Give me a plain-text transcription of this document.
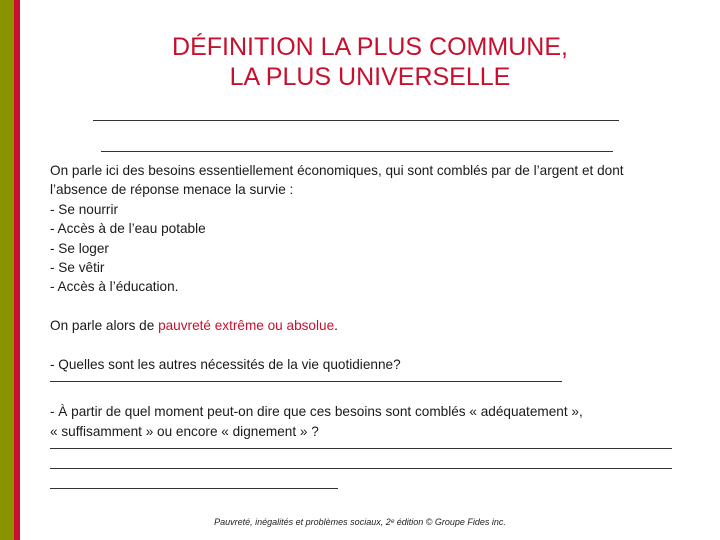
DÉFINITION LA PLUS COMMUNE,
LA PLUS UNIVERSELLE
On parle ici des besoins essentiellement économiques, qui sont comblés par de l’argent et dont
l’absence de réponse menace la survie :
- Se nourrir
- Accès à de l’eau potable
- Se loger
- Se vêtir
- Accès à l’éducation.
On parle alors de pauvreté extrême ou absolue.
- Quelles sont les autres nécessités de la vie quotidienne?
- À partir de quel moment peut-on dire que ces besoins sont comblés « adéquatement »,
« suffisamment » ou encore « dignement » ?
Pauvreté, inégalités et problèmes sociaux, 2ᵉ édition © Groupe Fides inc.
